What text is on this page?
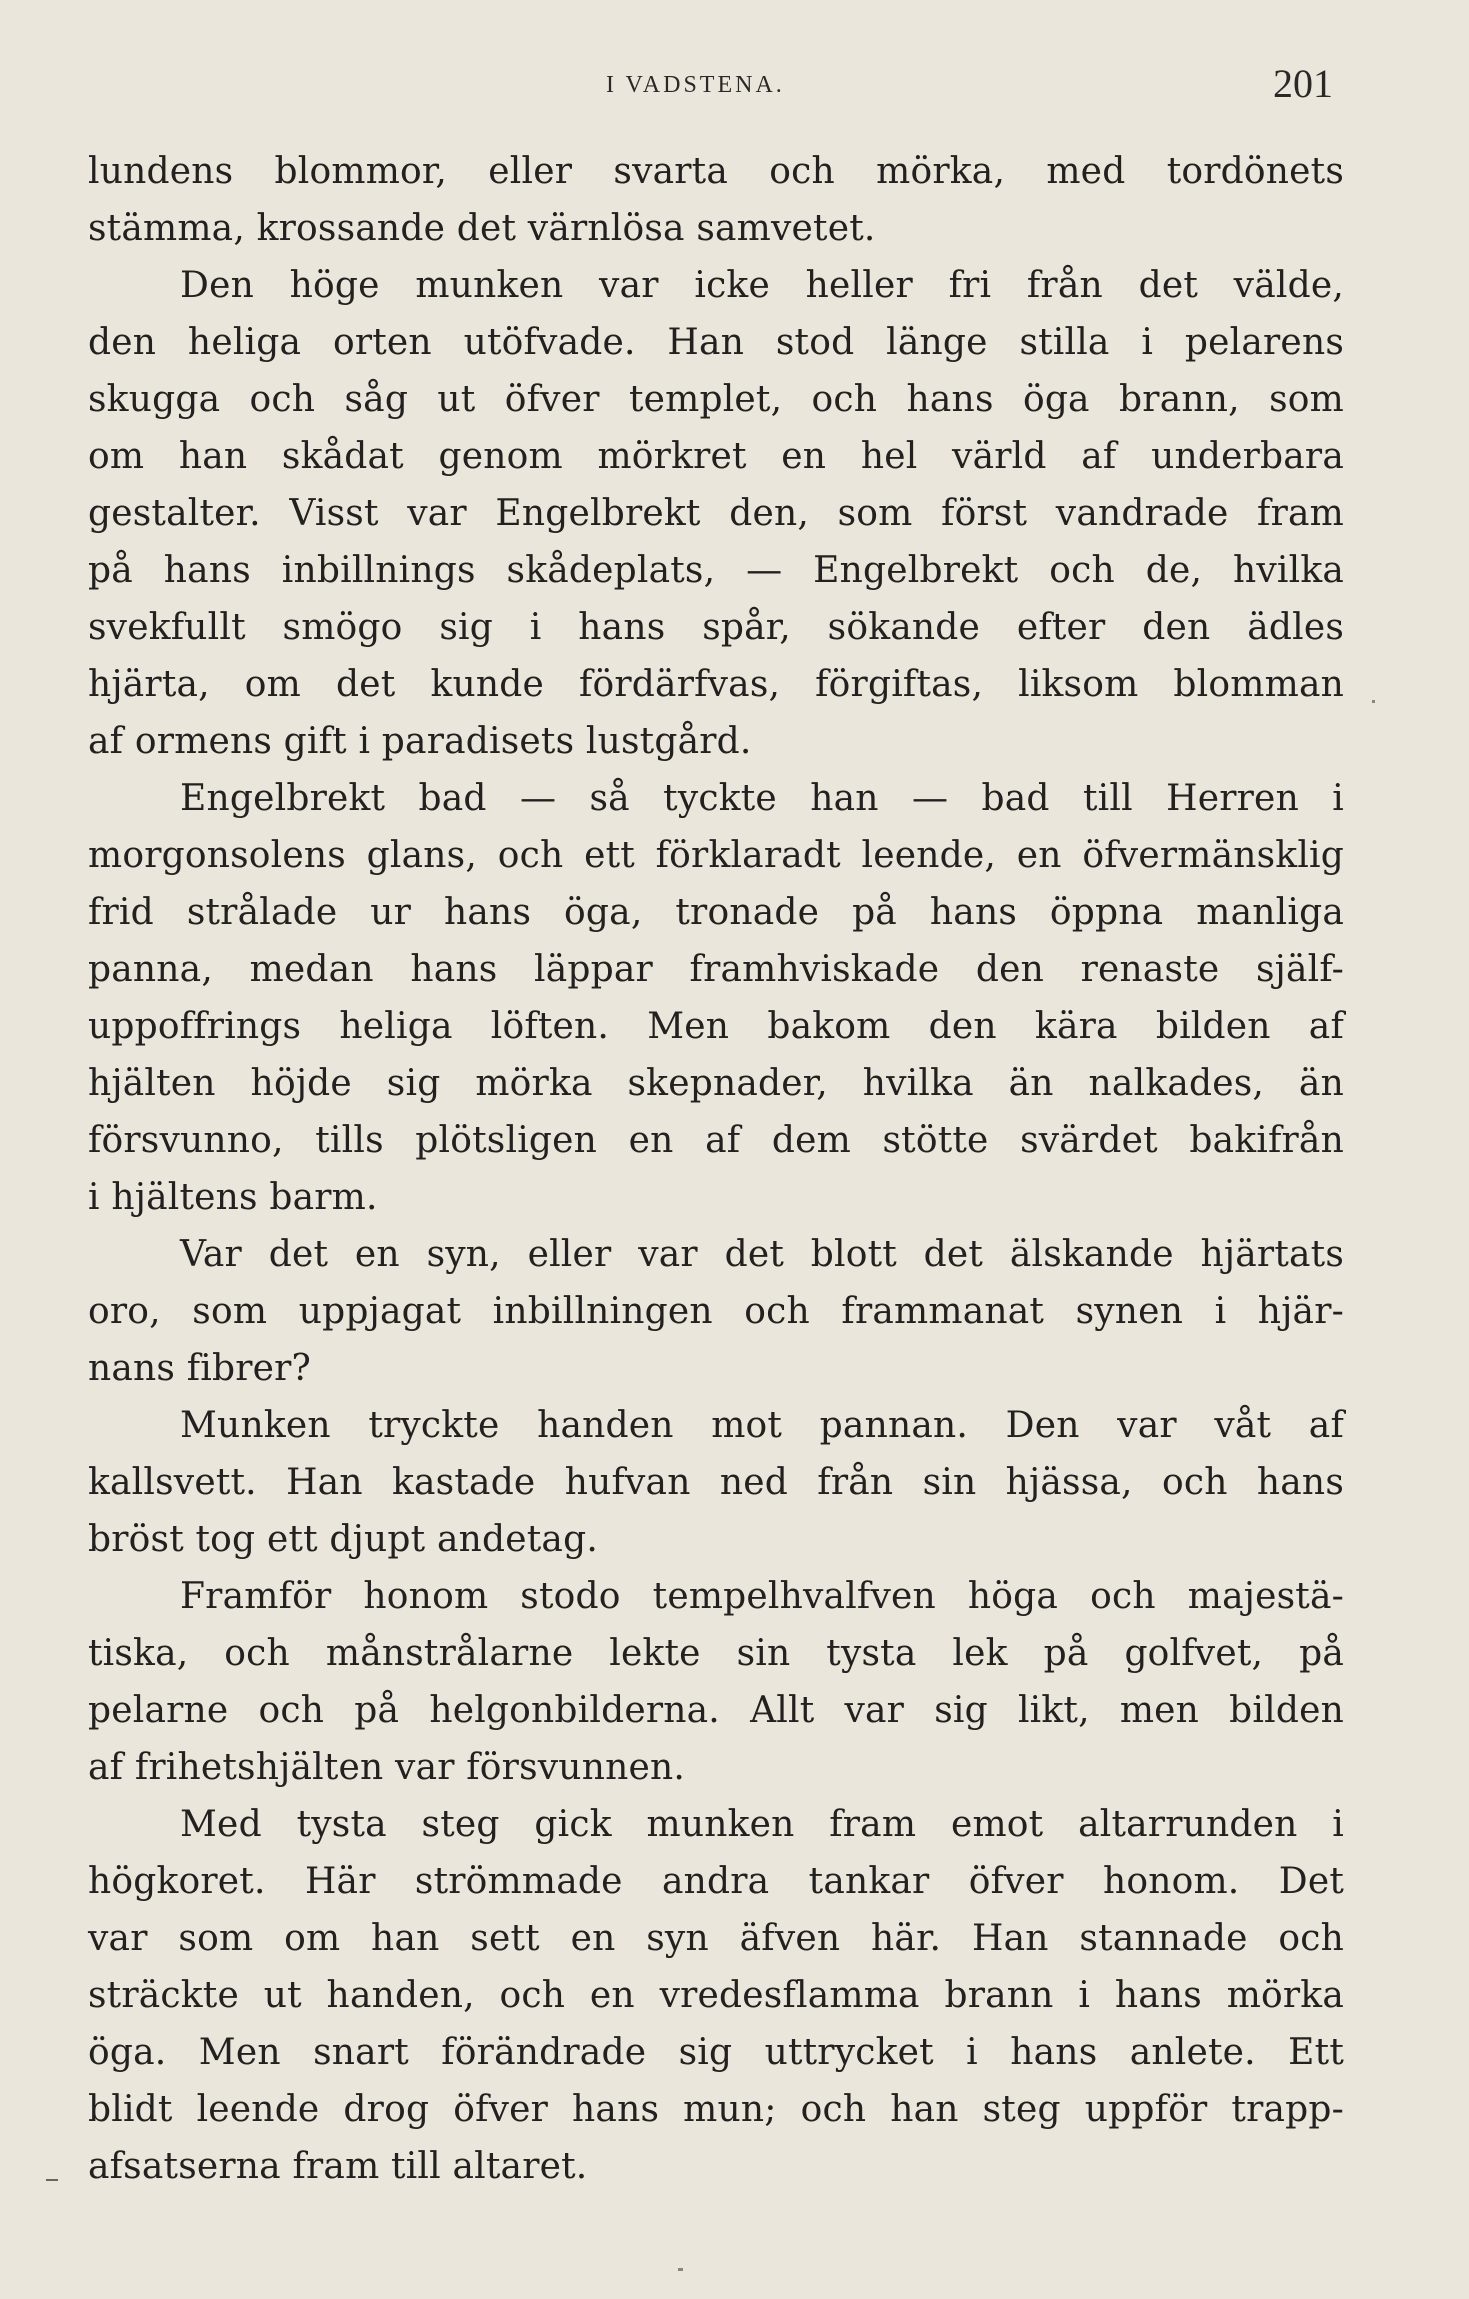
I VADSTENA.	201
lundens blommor, eller svarta och mörka, med tordönets
stämma, krossande det värnlösa samvetet.
Den höge munken var icke heller fri från det välde,
den heliga orten utöfvade. Han stod länge stilla i pelarens
skugga och såg ut öfver templet, och hans öga brann, som
om han skådat genom mörkret en hel värld af underbara
gestalter. Visst var Engelbrekt den, som först vandrade fram
på hans inbillnings skådeplats, — Engelbrekt och de, hvilka
svekfullt smögo sig i hans spår, sökande efter den ädles
hjärta, om det kunde fördärfvas, förgiftas, liksom blomman
af ormens gift i paradisets lustgård.
Engelbrekt bad — så tyckte han — bad till Herren i
morgonsolens glans, och ett förklaradt leende, en öfvermänsklig
frid strålade ur hans öga, tronade på hans öppna manliga
panna, medan hans läppar framhviskade den renaste själf-
uppoffrings heliga löften. Men bakom den kära bilden af
hjälten höjde sig mörka skepnader, hvilka än nalkades, än
försvunno, tills plötsligen en af dem stötte svärdet bakifrån
i hjältens barm.
Var det en syn, eller var det blott det älskande hjärtats
oro, som uppjagat inbillningen och frammanat synen i hjär-
nans fibrer?
Munken tryckte handen mot pannan. Den var våt af
kallsvett. Han kastade hufvan ned från sin hjässa, och hans
bröst tog ett djupt andetag.
Framför honom stodo tempelhvalfven höga och majestä-
tiska, och månstrålarne lekte sin tysta lek på golfvet, på
pelarne och på helgonbilderna. Allt var sig likt, men bilden
af frihetshjälten var försvunnen.
Med tysta steg gick munken fram emot altarrunden i
högkoret. Här strömmade andra tankar öfver honom. Det
var som om han sett en syn äfven här. Han stannade och
sträckte ut handen, och en vredesflamma brann i hans mörka
öga. Men snart förändrade sig uttrycket i hans anlete. Ett
blidt leende drog öfver hans mun; och han steg uppför trapp-
afsatserna fram till altaret.
